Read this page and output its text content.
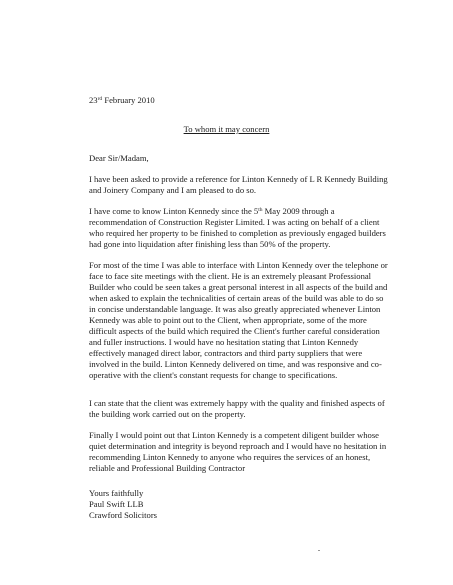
23rd February 2010
To whom it may concern
Dear Sir/Madam,

I have been asked to provide a reference for Linton Kennedy of L R Kennedy Building and Joinery Company and I am pleased to do so.

I have come to know Linton Kennedy since the 5th May 2009 through a recommendation of Construction Register Limited. I was acting on behalf of a client who required her property to be finished to completion as previously engaged builders had gone into liquidation after finishing less than 50% of the property.

For most of the time I was able to interface with Linton Kennedy over the telephone or face to face site meetings with the client. He is an extremely pleasant Professional Builder who could be seen takes a great personal interest in all aspects of the build and when asked to explain the technicalities of certain areas of the build was able to do so in concise understandable language. It was also greatly appreciated whenever Linton Kennedy was able to point out to the Client, when appropriate, some of the more difficult aspects of the build which required the Client's further careful consideration and fuller instructions. I would have no hesitation stating that Linton Kennedy effectively managed direct labor, contractors and third party suppliers that were involved in the build. Linton Kennedy delivered on time, and was responsive and co-operative with the client's constant requests for change to specifications.

I can state that the client was extremely happy with the quality and finished aspects of the building work carried out on the property.

Finally I would point out that Linton Kennedy is a competent diligent builder whose quiet determination and integrity is beyond reproach and I would have no hesitation in recommending Linton Kennedy to anyone who requires the services of an honest, reliable and Professional Building Contractor

Yours faithfully
Paul Swift LLB
Crawford Solicitors
